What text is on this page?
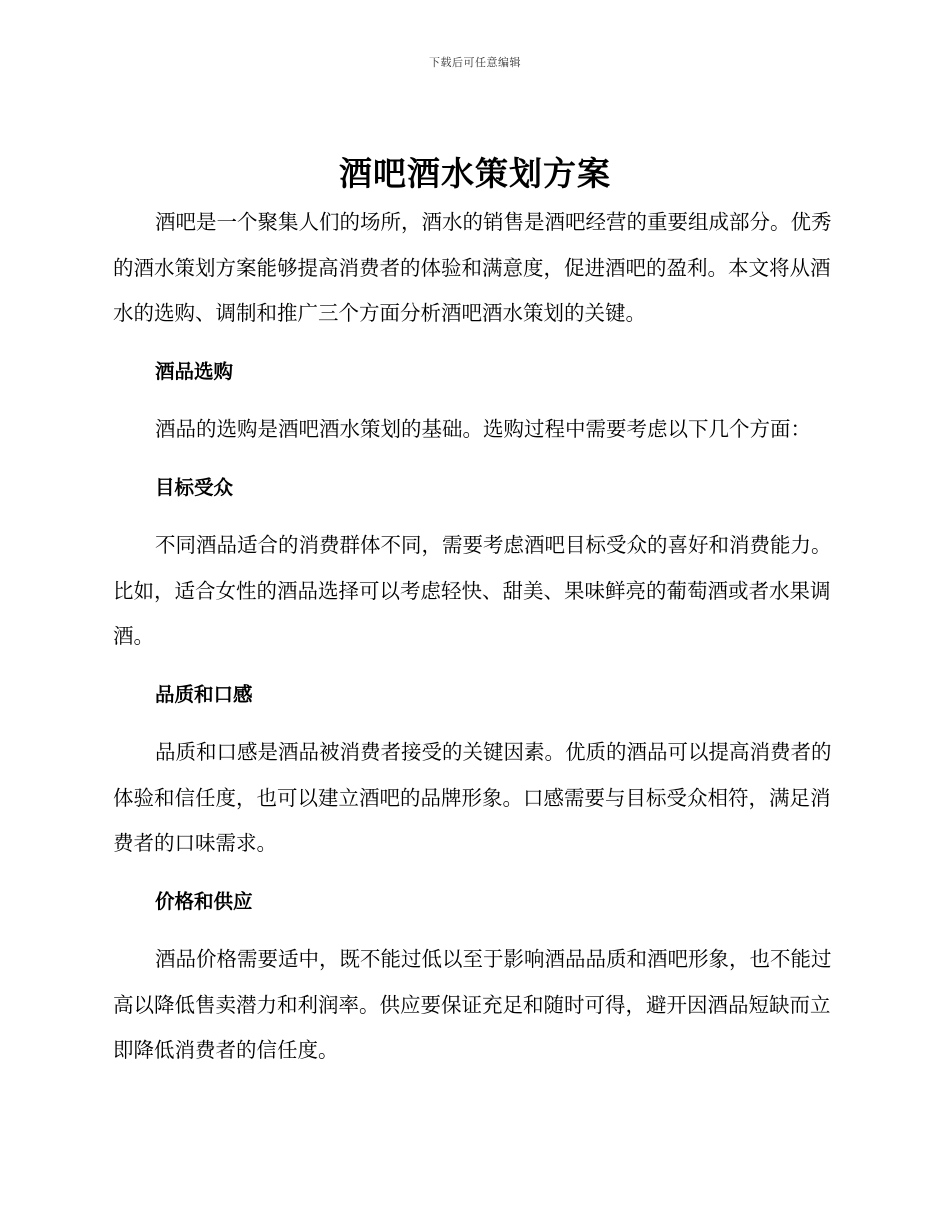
下载后可任意编辑
酒吧酒水策划方案

酒吧是一个聚集人们的场所，酒水的销售是酒吧经营的重要组成部分。优秀的酒水策划方案能够提高消费者的体验和满意度，促进酒吧的盈利。本文将从酒水的选购、调制和推广三个方面分析酒吧酒水策划的关键。

酒品选购

酒品的选购是酒吧酒水策划的基础。选购过程中需要考虑以下几个方面：

目标受众

不同酒品适合的消费群体不同，需要考虑酒吧目标受众的喜好和消费能力。比如，适合女性的酒品选择可以考虑轻快、甜美、果味鲜亮的葡萄酒或者水果调酒。

品质和口感

品质和口感是酒品被消费者接受的关键因素。优质的酒品可以提高消费者的体验和信任度，也可以建立酒吧的品牌形象。口感需要与目标受众相符，满足消费者的口味需求。

价格和供应

酒品价格需要适中，既不能过低以至于影响酒品品质和酒吧形象，也不能过高以降低售卖潜力和利润率。供应要保证充足和随时可得，避开因酒品短缺而立即降低消费者的信任度。
